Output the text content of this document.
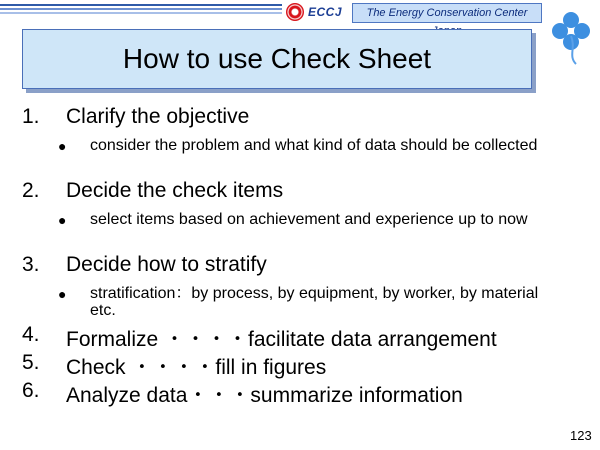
ECCJ	The Energy Conservation Center
How to use Check Sheet
1. Clarify the objective
● consider the problem and what kind of data should be collected
2. Decide the check items
● select items based on achievement and experience up to now
3. Decide how to stratify
● stratification：by process, by equipment, by worker, by material etc.
4. Formalize ・・・・facilitate data arrangement
5. Check ・・・・fill in figures
6. Analyze data・・・summarize information
123
